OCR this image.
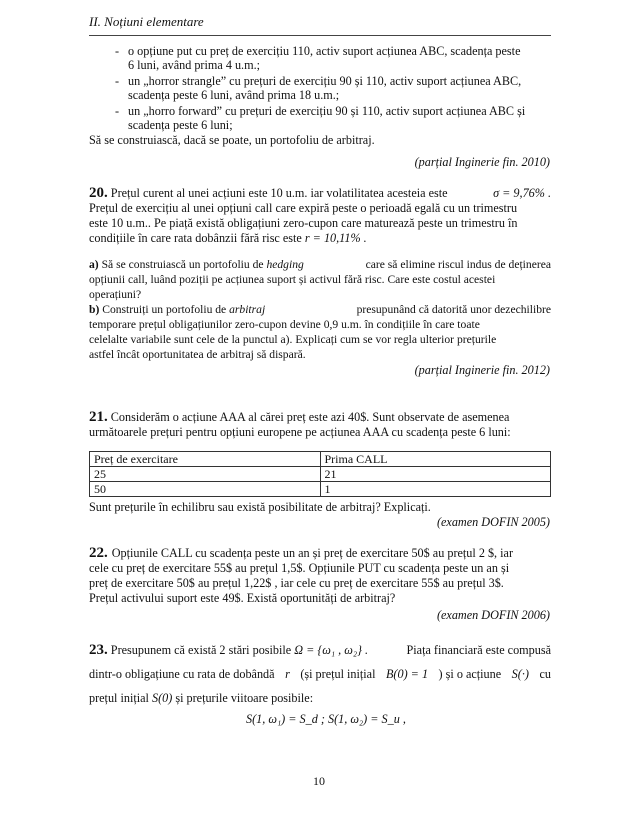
II. Noțiuni elementare
- o opțiune put cu preț de exercițiu 110, activ suport acțiunea ABC, scadența peste
6 luni, având prima 4 u.m.;
- un „horror strangle” cu prețuri de exercițiu 90 și 110, activ suport acțiunea ABC,
scadența peste 6 luni, având prima 18 u.m.;
- un „horro forward” cu prețuri de exercițiu 90 și 110, activ suport acțiunea ABC și
scadența peste 6 luni;
Să se construiască, dacă se poate, un portofoliu de arbitraj.
(parțial Inginerie fin. 2010)
20. Prețul curent al unei acțiuni este 10 u.m. iar volatilitatea acesteia este	σ = 9,76% .
Prețul de exercițiu al unei opțiuni call care expiră peste o perioadă egală cu un trimestru
este 10 u.m.. Pe piață există obligațiuni zero-cupon care maturează peste un trimestru în
condițiile în care rata dobânzii fără risc este r = 10,11% .
a) Să se construiască un portofoliu de hedging	care să elimine riscul indus de deținerea
opțiunii call, luând poziții pe acțiunea suport și activul fără risc. Care este costul acestei
operațiuni?
b) Construiți un portofoliu de arbitraj	presupunând că datorită unor dezechilibre
temporare prețul obligațiunilor zero-cupon devine 0,9 u.m. în condițiile în care toate
celelalte variabile sunt cele de la punctul a). Explicați cum se vor regla ulterior prețurile
astfel încât oportunitatea de arbitraj să dispară.
(parțial Inginerie fin. 2012)
21. Considerăm o acțiune AAA al cărei preț este azi 40$. Sunt observate de asemenea
următoarele prețuri pentru opțiuni europene pe acțiunea AAA cu scadența peste 6 luni:
Preț de exercitare	Prima CALL
25	21
50	1
Sunt prețurile în echilibru sau există posibilitate de arbitraj? Explicați.
(examen DOFIN 2005)
22. Opțiunile CALL cu scadența peste un an și preț de exercitare 50$ au prețul 2 $, iar
cele cu preț de exercitare 55$ au prețul 1,5$. Opțiunile PUT cu scadența peste un an și
preț de exercitare 50$ au prețul 1,22$ , iar cele cu preț de exercitare 55$ au prețul 3$.
Prețul activului suport este 49$. Există oportunități de arbitraj?
(examen DOFIN 2006)
23. Presupunem că există 2 stări posibile Ω = {ω₁ , ω₂} .	Piața financiară este compusă
dintr-o obligațiune cu rata de dobândă r (și prețul inițial B(0) = 1 ) și o acțiune S(·) cu
prețul inițial S(0) și prețurile viitoare posibile:
S(1, ω₁) = S_d ; S(1, ω₂) = S_u ,
10
